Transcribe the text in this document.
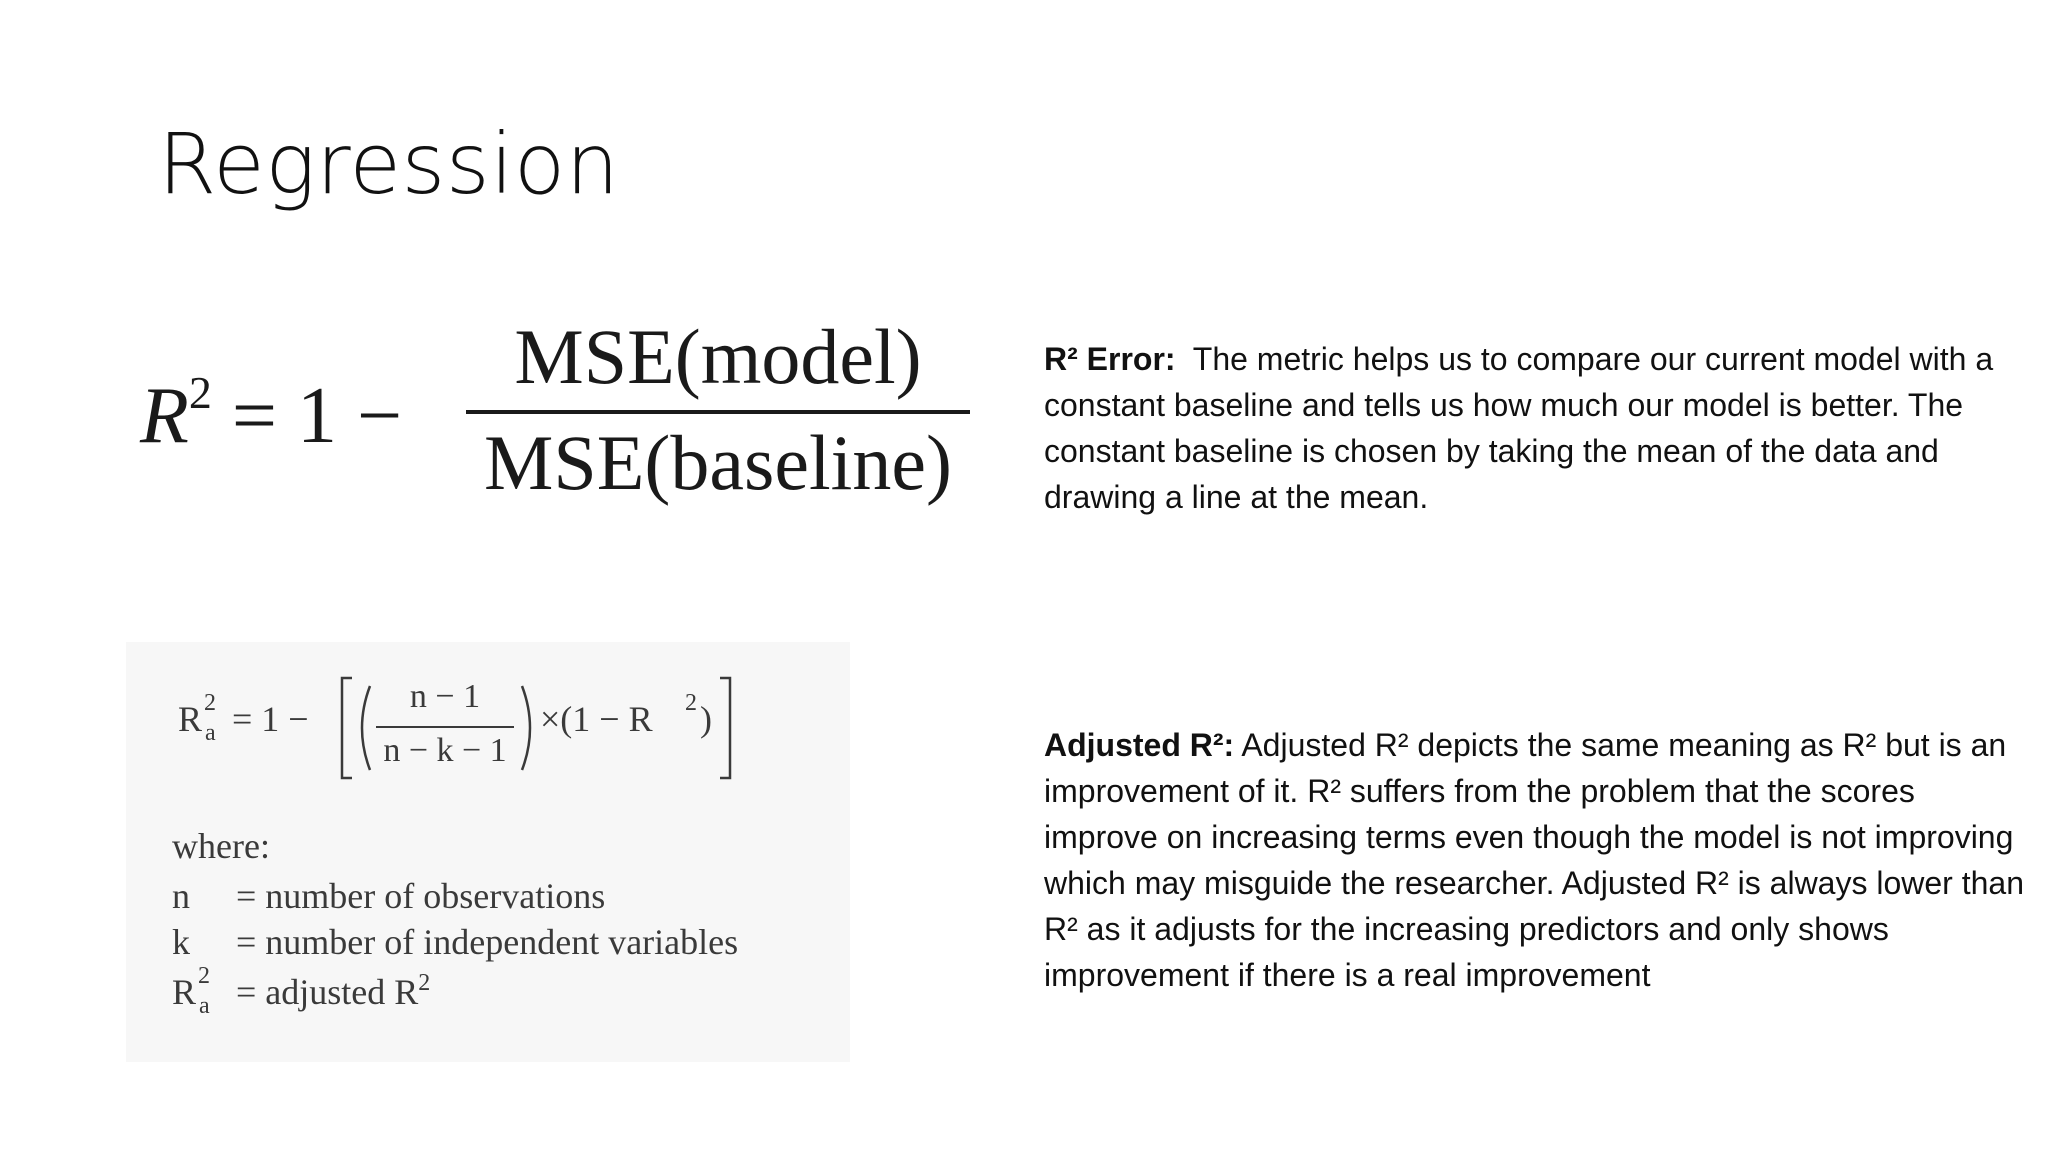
Regression
$R^2 = 1$ −
MSE(model)
MSE(baseline)
R 2
a = 1 −
n − 1
n − k − 1
×(1 − R 2 )
where:
n = number of observations
k = number of independent variables
R 2
a = adjusted $R^2$
R² Error:  The metric helps us to compare our current model with a constant baseline and tells us how much our model is better. The constant baseline is chosen by taking the mean of the data and drawing a line at the mean.
Adjusted R²: Adjusted R² depicts the same meaning as R² but is an improvement of it. R² suffers from the problem that the scores improve on increasing terms even though the model is not improving which may misguide the researcher. Adjusted R² is always lower than R² as it adjusts for the increasing predictors and only shows improvement if there is a real improvement
